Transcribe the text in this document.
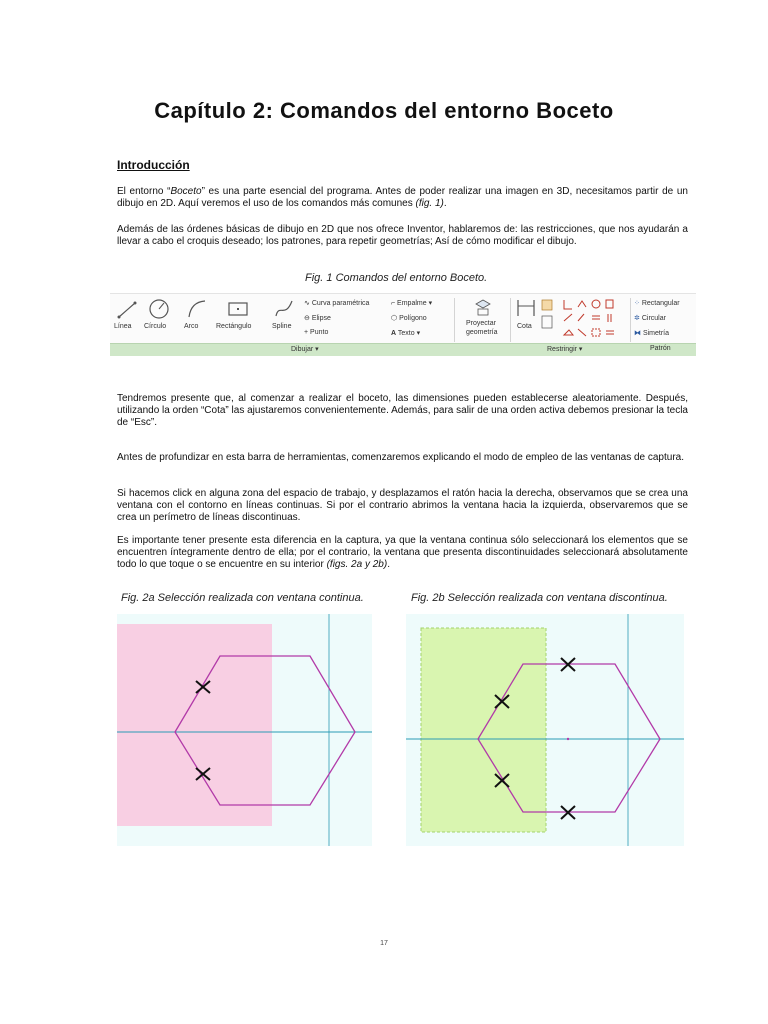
Capítulo 2: Comandos del entorno Boceto
Introducción
El entorno “Boceto” es una parte esencial del programa. Antes de poder realizar una imagen en 3D, necesitamos partir de un dibujo en 2D. Aquí veremos el uso de los comandos más comunes (fig. 1).
Además de las órdenes básicas de dibujo en 2D que nos ofrece Inventor, hablaremos de: las restricciones, que nos ayudarán a llevar a cabo el croquis deseado; los patrones, para repetir geometrías; Así de cómo modificar el dibujo.
Fig. 1 Comandos del entorno Boceto.
Línea Círculo	Arco	Rectángulo	Spline
∿ Curva paramétrica
⊖ Elipse
+ Punto
⌐ Empalme ▾
⬡ Polígono
A Texto ▾
Proyectar
geometría
Cota
⁘ Rectangular
✲ Circular
⧓ Simetría
Dibujar ▾	Restringir ▾	Patrón
Tendremos presente que, al comenzar a realizar el boceto, las dimensiones pueden establecerse aleatoriamente. Después, utilizando la orden “Cota” las ajustaremos convenientemente. Además, para salir de una orden activa debemos presionar la tecla de “Esc”.
Antes de profundizar en esta barra de herramientas, comenzaremos explicando el modo de empleo de las ventanas de captura.
Si hacemos click en alguna zona del espacio de trabajo, y desplazamos el ratón hacia la derecha, observamos que se crea una ventana con el contorno en líneas continuas. Si por el contrario abrimos la ventana hacia la izquierda, observaremos que se crea un perímetro de líneas discontinuas.
Es importante tener presente esta diferencia en la captura, ya que la ventana continua sólo seleccionará los elementos que se encuentren íntegramente dentro de ella; por el contrario, la ventana que presenta discontinuidades seleccionará absolutamente todo lo que toque o se encuentre en su interior (figs. 2a y 2b).
Fig. 2a Selección realizada con ventana continua.	Fig. 2b Selección realizada con ventana discontinua.
17
